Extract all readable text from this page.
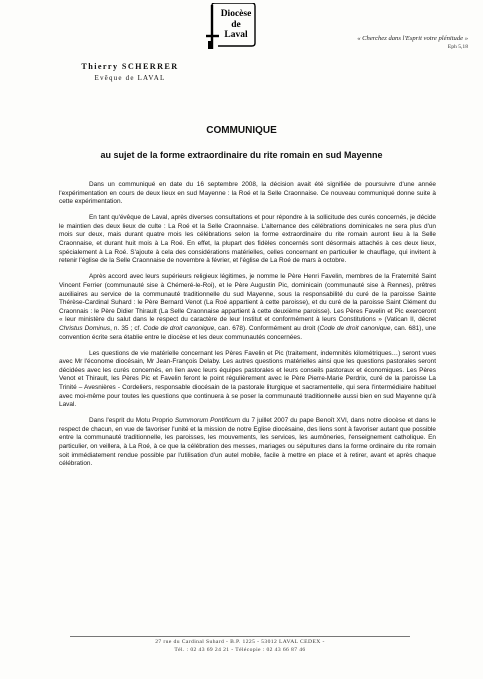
Diocèse
de
Laval	« Cherchez dans l'Esprit votre plénitude »
Eph 5,18
Thierry SCHERRER
Evêque de LAVAL
COMMUNIQUE
au sujet de la forme extraordinaire du rite romain en sud Mayenne

Dans un communiqué en date du 16 septembre 2008, la décision avait été signifiée de poursuivre d'une année l'expérimentation en cours de deux lieux en sud Mayenne : la Roé et la Selle Craonnaise. Ce nouveau communiqué donne suite à cette expérimentation.

En tant qu'évêque de Laval, après diverses consultations et pour répondre à la sollicitude des curés concernés, je décide le maintien des deux lieux de culte : La Roé et la Selle Craonnaise. L'alternance des célébrations dominicales ne sera plus d'un mois sur deux, mais durant quatre mois les célébrations selon la forme extraordinaire du rite romain auront lieu à la Selle Craonnaise, et durant huit mois à La Roé. En effet, la plupart des fidèles concernés sont désormais attachés à ces deux lieux, spécialement à La Roé. S'ajoute à cela des considérations matérielles, celles concernant en particulier le chauffage, qui invitent à retenir l'église de la Selle Craonnaise de novembre à février, et l'église de La Roé de mars à octobre.

Après accord avec leurs supérieurs religieux légitimes, je nomme le Père Henri Favelin, membres de la Fraternité Saint Vincent Ferrier (communauté sise à Chémeré-le-Roi), et le Père Augustin Pic, dominicain (communauté sise à Rennes), prêtres auxiliaires au service de la communauté traditionnelle du sud Mayenne, sous la responsabilité du curé de la paroisse Sainte Thérèse-Cardinal Suhard : le Père Bernard Venot (La Roé appartient à cette paroisse), et du curé de la paroisse Saint Clément du Craonnais : le Père Didier Thirault (La Selle Craonnaise appartient à cette deuxième paroisse). Les Pères Favelin et Pic exerceront « leur ministère du salut dans le respect du caractère de leur Institut et conformément à leurs Constitutions » (Vatican II, décret Christus Dominus, n. 35 ; cf. Code de droit canonique, can. 678). Conformément au droit (Code de droit canonique, can. 681), une convention écrite sera établie entre le diocèse et les deux communautés concernées.

Les questions de vie matérielle concernant les Pères Favelin et Pic (traitement, indemnités kilométriques…) seront vues avec Mr l'économe diocésain, Mr Jean-François Delaby. Les autres questions matérielles ainsi que les questions pastorales seront décidées avec les curés concernés, en lien avec leurs équipes pastorales et leurs conseils pastoraux et économiques. Les Pères Venot et Thirault, les Pères Pic et Favelin feront le point régulièrement avec le Père Pierre-Marie Perdrix, curé de la paroisse La Trinité – Avesnières - Cordeliers, responsable diocésain de la pastorale liturgique et sacramentelle, qui sera l'intermédiaire habituel avec moi-même pour toutes les questions que continuera à se poser la communauté traditionnelle aussi bien en sud Mayenne qu'à Laval.

Dans l'esprit du Motu Proprio Summorum Pontificum du 7 juillet 2007 du pape Benoît XVI, dans notre diocèse et dans le respect de chacun, en vue de favoriser l'unité et la mission de notre Eglise diocésaine, des liens sont à favoriser autant que possible entre la communauté traditionnelle, les paroisses, les mouvements, les services, les aumôneries, l'enseignement catholique. En particulier, on veillera, à La Roé, à ce que la célébration des messes, mariages ou sépultures dans la forme ordinaire du rite romain soit immédiatement rendue possible par l'utilisation d'un autel mobile, facile à mettre en place et à retirer, avant et après chaque célébration.

27 rue du Cardinal Suhard - B.P. 1225 - 53012 LAVAL CEDEX -
Tél. : 02 43 69 24 21 - Télécopie : 02 43 66 87 46
